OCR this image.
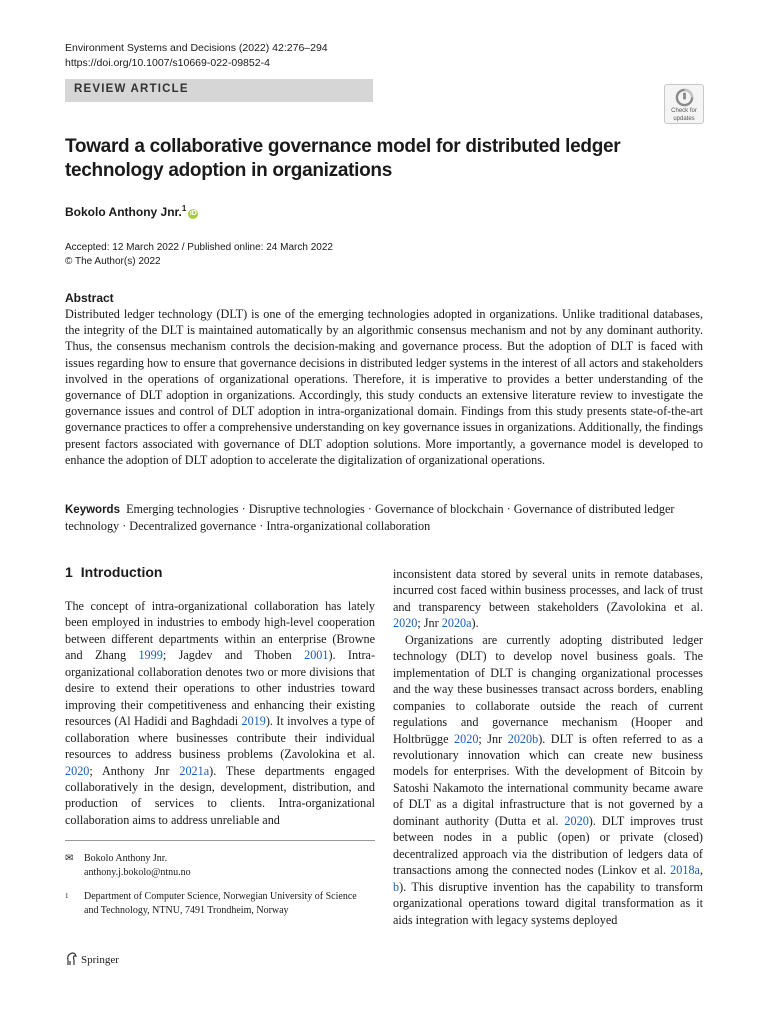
Environment Systems and Decisions (2022) 42:276–294
https://doi.org/10.1007/s10669-022-09852-4
REVIEW ARTICLE
Check for
updates
Toward a collaborative governance model for distributed ledger technology adoption in organizations
Bokolo Anthony Jnr.$^1$iD
Accepted: 12 March 2022 / Published online: 24 March 2022
© The Author(s) 2022
Abstract
Distributed ledger technology (DLT) is one of the emerging technologies adopted in organizations. Unlike traditional databases, the integrity of the DLT is maintained automatically by an algorithmic consensus mechanism and not by any dominant authority. Thus, the consensus mechanism controls the decision-making and governance process. But the adoption of DLT is faced with issues regarding how to ensure that governance decisions in distributed ledger systems in the interest of all actors and stakeholders involved in the operations of organizational operations. Therefore, it is imperative to provides a better understanding of the governance of DLT adoption in organizations. Accordingly, this study conducts an extensive literature review to investigate the governance issues and control of DLT adoption in intra-organizational domain. Findings from this study presents state-of-the-art governance practices to offer a comprehensive understanding on key governance issues in organizations. Additionally, the findings present factors associated with governance of DLT adoption solutions. More importantly, a governance model is developed to enhance the adoption of DLT adoption to accelerate the digitalization of organizational operations.
Keywords Emerging technologies · Disruptive technologies · Governance of blockchain · Governance of distributed ledger technology · Decentralized governance · Intra-organizational collaboration
1 Introduction
The concept of intra-organizational collaboration has lately been employed in industries to embody high-level cooperation between different departments within an enterprise (Browne and Zhang 1999; Jagdev and Thoben 2001). Intra-organizational collaboration denotes two or more divisions that desire to extend their operations to other industries toward improving their competitiveness and enhancing their existing resources (Al Hadidi and Baghdadi 2019). It involves a type of collaboration where businesses contribute their individual resources to address business problems (Zavolokina et al. 2020; Anthony Jnr 2021a). These departments engaged collaboratively in the design, development, distribution, and production of services to clients. Intra-organizational collaboration aims to address unreliable and

inconsistent data stored by several units in remote databases, incurred cost faced within business processes, and lack of trust and transparency between stakeholders (Zavolokina et al. 2020; Jnr 2020a).

Organizations are currently adopting distributed ledger technology (DLT) to develop novel business goals. The implementation of DLT is changing organizational processes and the way these businesses transact across borders, enabling companies to collaborate outside the reach of current regulations and governance mechanism (Hooper and Holtbrügge 2020; Jnr 2020b). DLT is often referred to as a revolutionary innovation which can create new business models for enterprises. With the development of Bitcoin by Satoshi Nakamoto the international community became aware of DLT as a digital infrastructure that is not governed by a dominant authority (Dutta et al. 2020). DLT improves trust between nodes in a public (open) or private (closed) decentralized approach via the distribution of ledgers data of transactions among the connected nodes (Linkov et al. 2018a, b). This disruptive invention has the capability to transform organizational operations toward digital transformation as it aids integration with legacy systems deployed

✉ Bokolo Anthony Jnr.
anthony.j.bokolo@ntnu.no
1 Department of Computer Science, Norwegian University of Science and Technology, NTNU, 7491 Trondheim, Norway
Springer
